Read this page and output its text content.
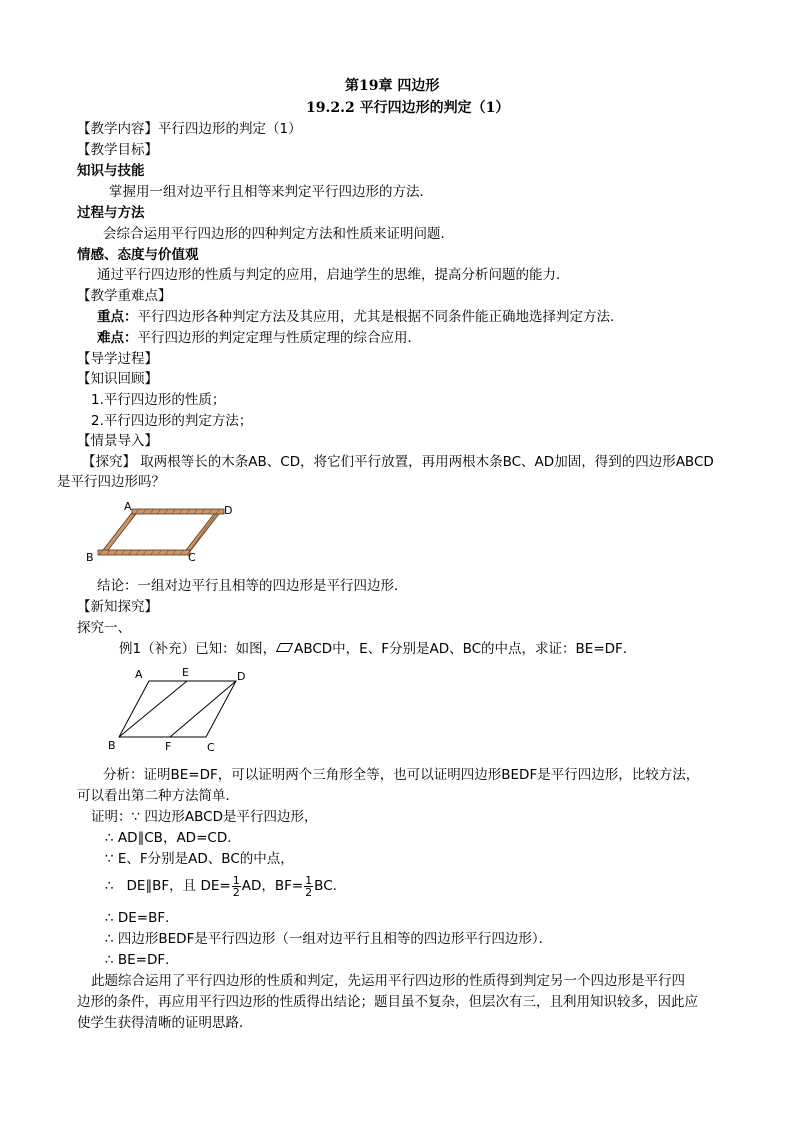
第19章 四边形
19.2.2 平行四边形的判定（1）
【教学内容】平行四边形的判定（1）
【教学目标】
知识与技能
掌握用一组对边平行且相等来判定平行四边形的方法．
过程与方法
会综合运用平行四边形的四种判定方法和性质来证明问题．
情感、态度与价值观
通过平行四边形的性质与判定的应用，启迪学生的思维，提高分析问题的能力．
【教学重难点】
重点：平行四边形各种判定方法及其应用，尤其是根据不同条件能正确地选择判定方法．
难点：平行四边形的判定定理与性质定理的综合应用．
【导学过程】
【知识回顾】
1.平行四边形的性质；
2.平行四边形的判定方法；
【情景导入】
【探究】 取两根等长的木条AB、CD，将它们平行放置，再用两根木条BC、AD加固，得到的四边形ABCD
是平行四边形吗？
A	D
B	C
结论：一组对边平行且相等的四边形是平行四边形．
【新知探究】
探究一、
例1（补充）已知：如图， ABCD中，E、F分别是AD、BC的中点，求证：BE=DF．
A	E	D
B	F	C
分析：证明BE=DF，可以证明两个三角形全等，也可以证明四边形BEDF是平行四边形，比较方法，
可以看出第二种方法简单．
证明：∵ 四边形ABCD是平行四边形，
∴ AD∥CB，AD=CD．
∵ E、F分别是AD、BC的中点，
∴ DE∥BF，且 $DE= \frac{1}{2}$ AD，$BF= \frac{1}{2}$ BC．
∴ DE=BF．
∴ 四边形BEDF是平行四边形（一组对边平行且相等的四边形平行四边形）．
∴ BE=DF．
此题综合运用了平行四边形的性质和判定，先运用平行四边形的性质得到判定另一个四边形是平行四
边形的条件，再应用平行四边形的性质得出结论；题目虽不复杂，但层次有三，且利用知识较多，因此应
使学生获得清晰的证明思路．
